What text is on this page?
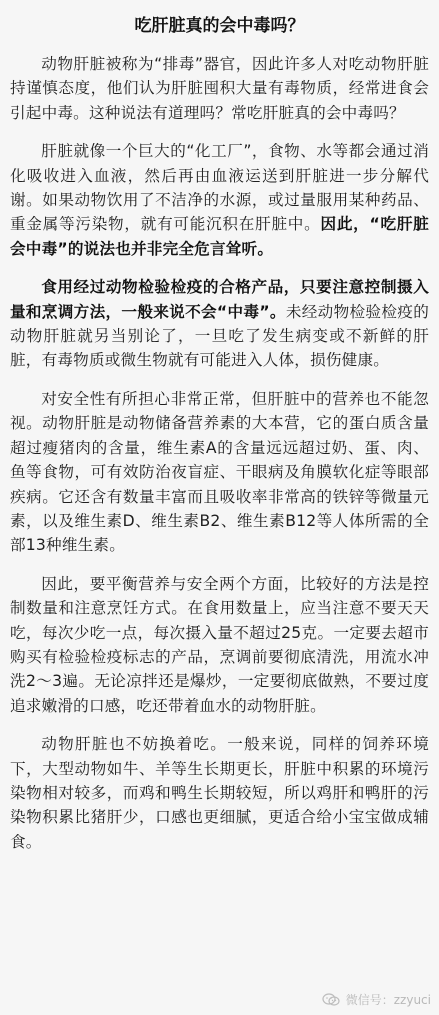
吃肝脏真的会中毒吗？

动物肝脏被称为“排毒”器官，因此许多人对吃动物肝脏持谨慎态度，他们认为肝脏囤积大量有毒物质，经常进食会引起中毒。这种说法有道理吗？常吃肝脏真的会中毒吗？

肝脏就像一个巨大的“化工厂”，食物、水等都会通过消化吸收进入血液，然后再由血液运送到肝脏进一步分解代谢。如果动物饮用了不洁净的水源，或过量服用某种药品、重金属等污染物，就有可能沉积在肝脏中。因此，“吃肝脏会中毒”的说法也并非完全危言耸听。

食用经过动物检验检疫的合格产品，只要注意控制摄入量和烹调方法，一般来说不会“中毒”。未经动物检验检疫的动物肝脏就另当别论了，一旦吃了发生病变或不新鲜的肝脏，有毒物质或微生物就有可能进入人体，损伤健康。

对安全性有所担心非常正常，但肝脏中的营养也不能忽视。动物肝脏是动物储备营养素的大本营，它的蛋白质含量超过瘦猪肉的含量，维生素A的含量远远超过奶、蛋、肉、鱼等食物，可有效防治夜盲症、干眼病及角膜软化症等眼部疾病。它还含有数量丰富而且吸收率非常高的铁锌等微量元素，以及维生素D、维生素B2、维生素B12等人体所需的全部13种维生素。

因此，要平衡营养与安全两个方面，比较好的方法是控制数量和注意烹饪方式。在食用数量上，应当注意不要天天吃，每次少吃一点，每次摄入量不超过25克。一定要去超市购买有检验检疫标志的产品，烹调前要彻底清洗，用流水冲洗2～3遍。无论凉拌还是爆炒，一定要彻底做熟，不要过度追求嫩滑的口感，吃还带着血水的动物肝脏。

动物肝脏也不妨换着吃。一般来说，同样的饲养环境下，大型动物如牛、羊等生长期更长，肝脏中积累的环境污染物相对较多，而鸡和鸭生长期较短，所以鸡肝和鸭肝的污染物积累比猪肝少，口感也更细腻，更适合给小宝宝做成辅食。

微信号：zzyuci
